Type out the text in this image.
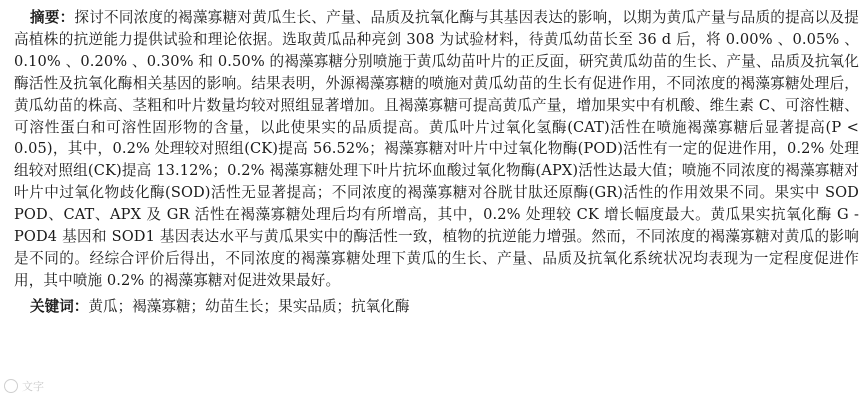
摘要：探讨不同浓度的褐藻寡糖对黄瓜生长、产量、品质及抗氧化酶与其基因表达的影响，以期为黄瓜产量与品质的提高以及提高植株的抗逆能力提供试验和理论依据。选取黄瓜品种亮剑 308 为试验材料，待黄瓜幼苗长至 36 d 后，将 0.00% 、0.05% 、0.10% 、0.20% 、0.30% 和 0.50% 的褐藻寡糖分别喷施于黄瓜幼苗叶片的正反面，研究黄瓜幼苗的生长、产量、品质及抗氧化酶活性及抗氧化酶相关基因的影响。结果表明，外源褐藻寡糖的喷施对黄瓜幼苗的生长有促进作用，不同浓度的褐藻寡糖处理后，黄瓜幼苗的株高、茎粗和叶片数量均较对照组显著增加。且褐藻寡糖可提高黄瓜产量，增加果实中有机酸、维生素 C、可溶性糖、可溶性蛋白和可溶性固形物的含量，以此使果实的品质提高。黄瓜叶片过氧化氢酶(CAT)活性在喷施褐藻寡糖后显著提高(P < 0.05)，其中，0.2% 处理较对照组(CK)提高 56.52%；褐藻寡糖对叶片中过氧化物酶(POD)活性有一定的促进作用，0.2% 处理组较对照组(CK)提高 13.12%；0.2% 褐藻寡糖处理下叶片抗坏血酸过氧化物酶(APX)活性达最大值；喷施不同浓度的褐藻寡糖对叶片中过氧化物歧化酶(SOD)活性无显著提高；不同浓度的褐藻寡糖对谷胱甘肽还原酶(GR)活性的作用效果不同。果实中 SOD POD、CAT、APX 及 GR 活性在褐藻寡糖处理后均有所增高，其中，0.2% 处理较 CK 增长幅度最大。黄瓜果实抗氧化酶 G - POD4 基因和 SOD1 基因表达水平与黄瓜果实中的酶活性一致，植物的抗逆能力增强。然而，不同浓度的褐藻寡糖对黄瓜的影响是不同的。经综合评价后得出，不同浓度的褐藻寡糖处理下黄瓜的生长、产量、品质及抗氧化系统状况均表现为一定程度促进作用，其中喷施 0.2% 的褐藻寡糖对促进效果最好。

关键词：黄瓜；褐藻寡糖；幼苗生长；果实品质；抗氧化酶
文字
